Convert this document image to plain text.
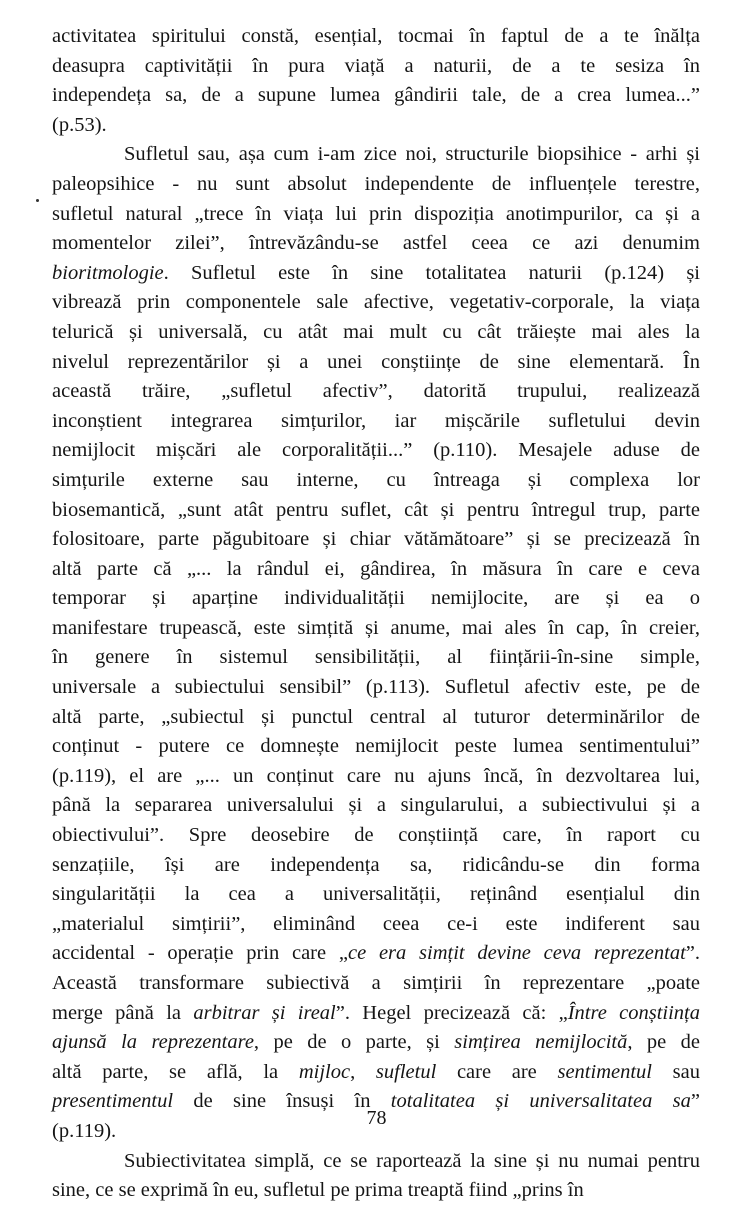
activitatea spiritului constă, esențial, tocmai în faptul de a te înălța
deasupra captivității în pura viață a naturii, de a te sesiza în
independeța sa, de a supune lumea gândirii tale, de a crea lumea...”
(p.53).
Sufletul sau, așa cum i-am zice noi, structurile biopsihice - arhi și
paleopsihice - nu sunt absolut independente de influențele terestre,
sufletul natural „trece în viața lui prin dispoziția anotimpurilor, ca și a
momentelor zilei”, întrevăzându-se astfel ceea ce azi denumim
bioritmologie. Sufletul este în sine totalitatea naturii (p.124) și
vibrează prin componentele sale afective, vegetativ-corporale, la viața
telurică și universală, cu atât mai mult cu cât trăiește mai ales la
nivelul reprezentărilor și a unei conștiințe de sine elementară. În
această trăire, „sufletul afectiv”, datorită trupului, realizează
inconștient integrarea simțurilor, iar mișcările sufletului devin
nemijlocit mișcări ale corporalității...” (p.110). Mesajele aduse de
simțurile externe sau interne, cu întreaga și complexa lor
biosemantică, „sunt atât pentru suflet, cât și pentru întregul trup, parte
folositoare, parte păgubitoare și chiar vătămătoare” și se precizează în
altă parte că „... la rândul ei, gândirea, în măsura în care e ceva
temporar și aparține individualității nemijlocite, are și ea o
manifestare trupească, este simțită și anume, mai ales în cap, în creier,
în genere în sistemul sensibilității, al ființării-în-sine simple,
universale a subiectului sensibil” (p.113). Sufletul afectiv este, pe de
altă parte, „subiectul și punctul central al tuturor determinărilor de
conținut - putere ce domnește nemijlocit peste lumea sentimentului”
(p.119), el are „... un conținut care nu ajuns încă, în dezvoltarea lui,
până la separarea universalului și a singularului, a subiectivului și a
obiectivului”. Spre deosebire de conștiință care, în raport cu
senzațiile, își are independența sa, ridicându-se din forma
singularității la cea a universalității, reținând esențialul din
„materialul simțirii”, eliminând ceea ce-i este indiferent sau
accidental - operație prin care „ce era simțit devine ceva reprezentat”.
Această transformare subiectivă a simțirii în reprezentare „poate
merge până la arbitrar și ireal”. Hegel precizează că: „Între conștiința
ajunsă la reprezentare, pe de o parte, și simțirea nemijlocită, pe de
altă parte, se află, la mijloc, sufletul care are sentimentul sau
presentimentul de sine însuși în totalitatea și universalitatea sa”
(p.119).
Subiectivitatea simplă, ce se raportează la sine și nu numai pentru
sine, ce se exprimă în eu, sufletul pe prima treaptă fiind „prins în
78
